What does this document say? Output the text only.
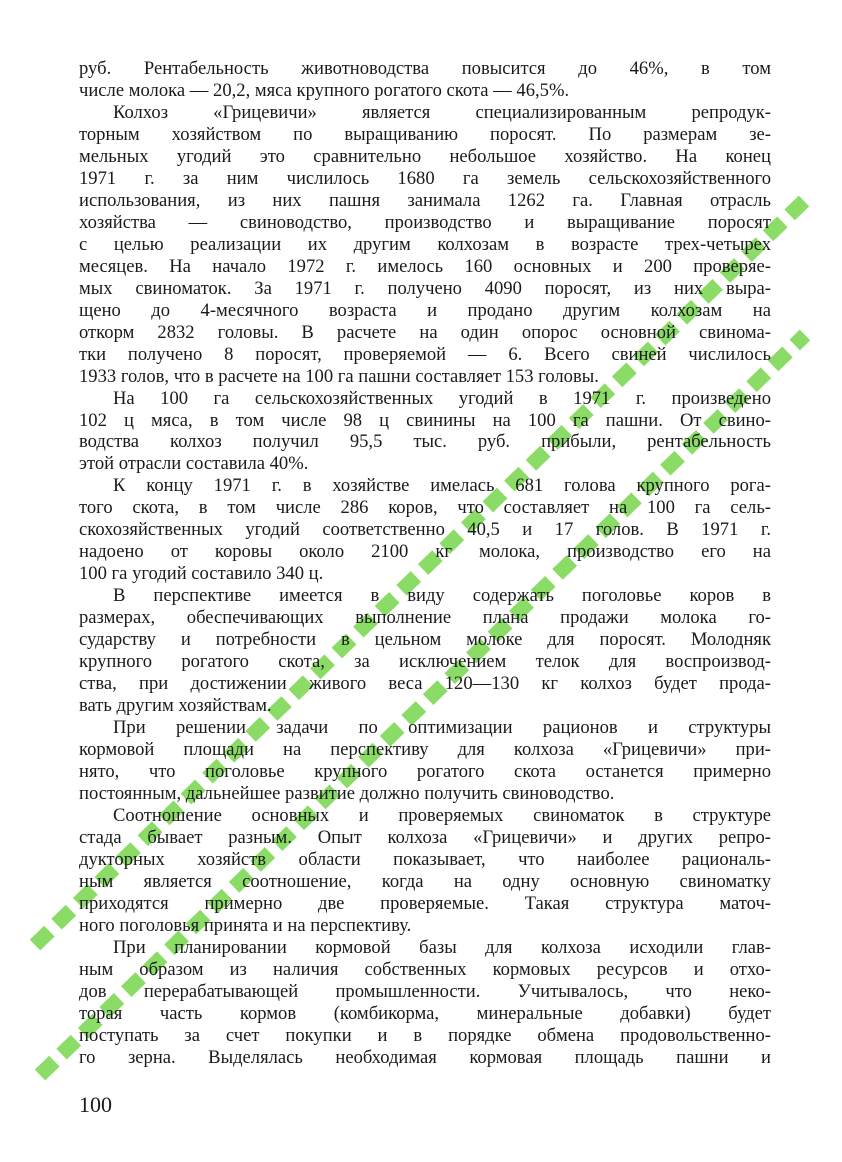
руб. Рентабельность животноводства повысится до 46%, в том
числе молока — 20,2, мяса крупного рогатого скота — 46,5%.
Колхоз «Грицевичи» является специализированным репродук-
торным хозяйством по выращиванию поросят. По размерам зе-
мельных угодий это сравнительно небольшое хозяйство. На конец
1971 г. за ним числилось 1680 га земель сельскохозяйственного
использования, из них пашня занимала 1262 га. Главная отрасль
хозяйства — свиноводство, производство и выращивание поросят
с целью реализации их другим колхозам в возрасте трех-четырех
месяцев. На начало 1972 г. имелось 160 основных и 200 проверяе-
мых свиноматок. За 1971 г. получено 4090 поросят, из них выра-
щено до 4-месячного возраста и продано другим колхозам на
откорм 2832 головы. В расчете на один опорос основной свинома-
тки получено 8 поросят, проверяемой — 6. Всего свиней числилось
1933 голов, что в расчете на 100 га пашни составляет 153 головы.
На 100 га сельскохозяйственных угодий в 1971 г. произведено
102 ц мяса, в том числе 98 ц свинины на 100 га пашни. От свино-
водства колхоз получил 95,5 тыс. руб. прибыли, рентабельность
этой отрасли составила 40%.
К концу 1971 г. в хозяйстве имелась 681 голова крупного рога-
того скота, в том числе 286 коров, что составляет на 100 га сель-
скохозяйственных угодий соответственно 40,5 и 17 голов. В 1971 г.
надоено от коровы около 2100 кг молока, производство его на
100 га угодий составило 340 ц.
В перспективе имеется в виду содержать поголовье коров в
размерах, обеспечивающих выполнение плана продажи молока го-
сударству и потребности в цельном молоке для поросят. Молодняк
крупного рогатого скота, за исключением телок для воспроизвод-
ства, при достижении живого веса 120—130 кг колхоз будет прода-
вать другим хозяйствам.
При решении задачи по оптимизации рационов и структуры
кормовой площади на перспективу для колхоза «Грицевичи» при-
нято, что поголовье крупного рогатого скота останется примерно
постоянным, дальнейшее развитие должно получить свиноводство.
Соотношение основных и проверяемых свиноматок в структуре
стада бывает разным. Опыт колхоза «Грицевичи» и других репро-
дукторных хозяйств области показывает, что наиболее рациональ-
ным является соотношение, когда на одну основную свиноматку
приходятся примерно две проверяемые. Такая структура маточ-
ного поголовья принята и на перспективу.
При планировании кормовой базы для колхоза исходили глав-
ным образом из наличия собственных кормовых ресурсов и отхо-
дов перерабатывающей промышленности. Учитывалось, что неко-
торая часть кормов (комбикорма, минеральные добавки) будет
поступать за счет покупки и в порядке обмена продовольственно-
го зерна. Выделялась необходимая кормовая площадь пашни и
100
